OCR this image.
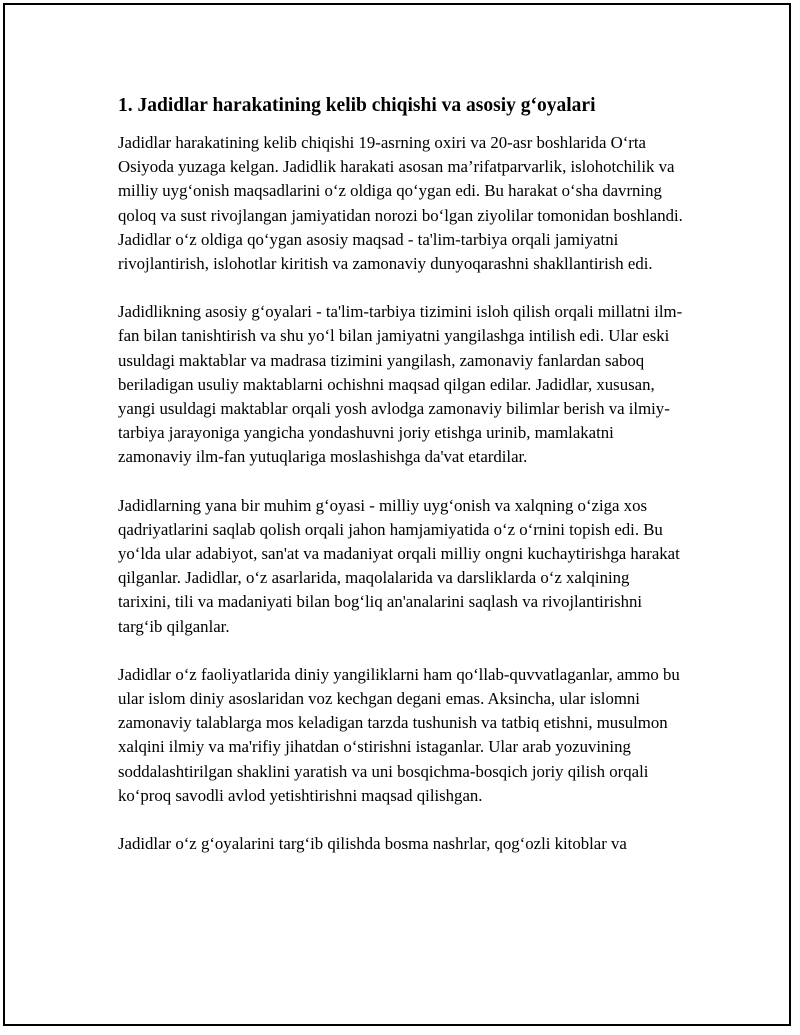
1. Jadidlar harakatining kelib chiqishi va asosiy g‘oyalari

Jadidlar harakatining kelib chiqishi 19-asrning oxiri va 20-asr boshlarida O‘rta Osiyoda yuzaga kelgan. Jadidlik harakati asosan ma’rifatparvarlik, islohotchilik va milliy uyg‘onish maqsadlarini o‘z oldiga qo‘ygan edi. Bu harakat o‘sha davrning qoloq va sust rivojlangan jamiyatidan norozi bo‘lgan ziyolilar tomonidan boshlandi. Jadidlar o‘z oldiga qo‘ygan asosiy maqsad - ta'lim-tarbiya orqali jamiyatni rivojlantirish, islohotlar kiritish va zamonaviy dunyoqarashni shakllantirish edi.

Jadidlikning asosiy g‘oyalari - ta'lim-tarbiya tizimini isloh qilish orqali millatni ilm-fan bilan tanishtirish va shu yo‘l bilan jamiyatni yangilashga intilish edi. Ular eski usuldagi maktablar va madrasa tizimini yangilash, zamonaviy fanlardan saboq beriladigan usuliy maktablarni ochishni maqsad qilgan edilar. Jadidlar, xususan, yangi usuldagi maktablar orqali yosh avlodga zamonaviy bilimlar berish va ilmiy-tarbiya jarayoniga yangicha yondashuvni joriy etishga urinib, mamlakatni zamonaviy ilm-fan yutuqlariga moslashishga da'vat etardilar.

Jadidlarning yana bir muhim g‘oyasi - milliy uyg‘onish va xalqning o‘ziga xos qadriyatlarini saqlab qolish orqali jahon hamjamiyatida o‘z o‘rnini topish edi. Bu yo‘lda ular adabiyot, san'at va madaniyat orqali milliy ongni kuchaytirishga harakat qilganlar. Jadidlar, o‘z asarlarida, maqolalarida va darsliklarda o‘z xalqining tarixini, tili va madaniyati bilan bog‘liq an'analarini saqlash va rivojlantirishni targ‘ib qilganlar.

Jadidlar o‘z faoliyatlarida diniy yangiliklarni ham qo‘llab-quvvatlaganlar, ammo bu ular islom diniy asoslaridan voz kechgan degani emas. Aksincha, ular islomni zamonaviy talablarga mos keladigan tarzda tushunish va tatbiq etishni, musulmon xalqini ilmiy va ma'rifiy jihatdan o‘stirishni istaganlar. Ular arab yozuvining soddalashtirilgan shaklini yaratish va uni bosqichma-bosqich joriy qilish orqali ko‘proq savodli avlod yetishtirishni maqsad qilishgan.

Jadidlar o‘z g‘oyalarini targ‘ib qilishda bosma nashrlar, qog‘ozli kitoblar va
